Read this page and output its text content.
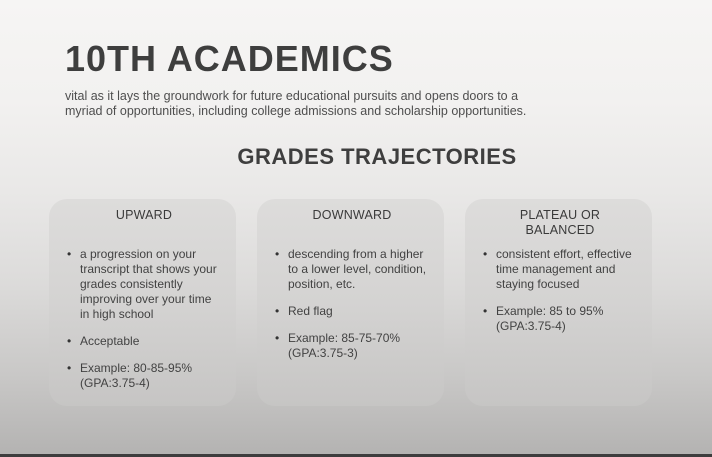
10TH ACADEMICS

vital as it lays the groundwork for future educational pursuits and opens doors to a myriad of opportunities, including college admissions and scholarship opportunities.

GRADES TRAJECTORIES
UPWARD
• a progression on your transcript that shows your grades consistently improving over your time in high school
• Acceptable
• Example: 80-85-95% (GPA:3.75-4)
DOWNWARD
• descending from a higher to a lower level, condition, position, etc.
• Red flag
• Example: 85-75-70% (GPA:3.75-3)
PLATEAU OR BALANCED
• consistent effort, effective time management and staying focused
• Example: 85 to 95% (GPA:3.75-4)
